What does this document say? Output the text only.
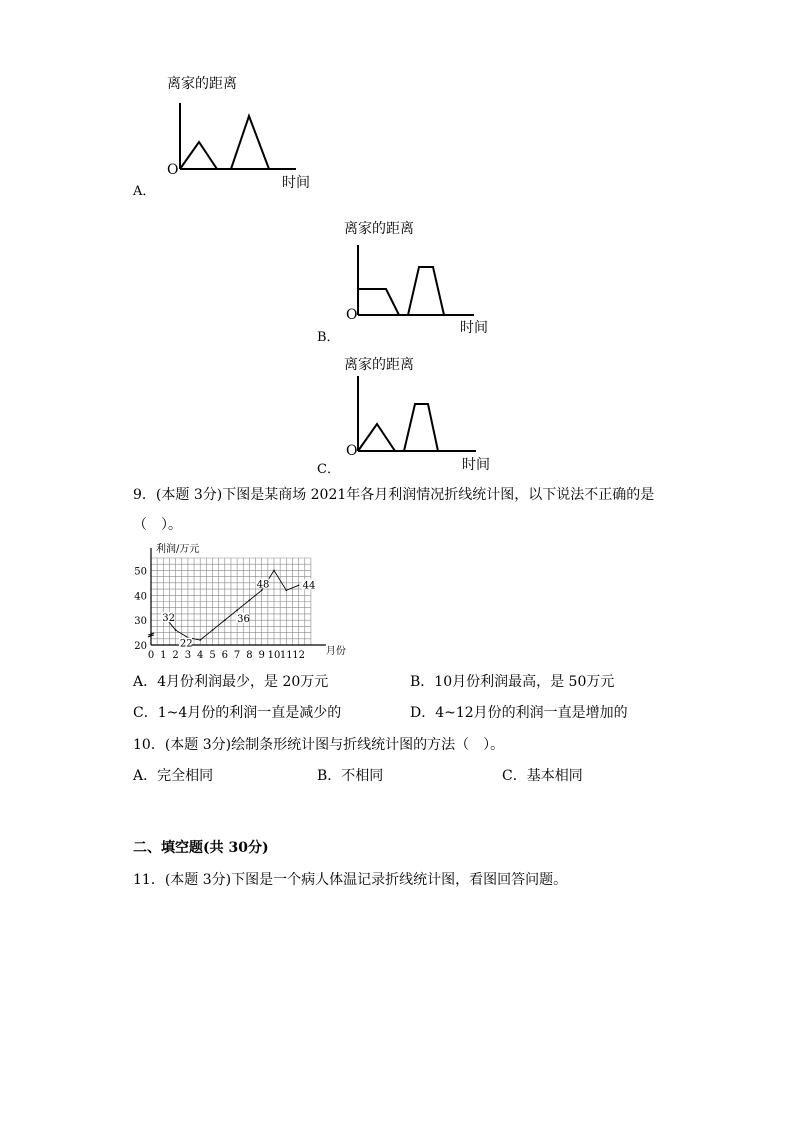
离家的距离
O
时间
A．
离家的距离
O
时间
B．
离家的距离
O
时间
C．
9．(本题 3分)下图是某商场 2021年各月利润情况折线统计图，以下说法不正确的是
（　）。
利润/万元
月份
0 1 2 3 4 5 6 7 8 9 10 11 12
20
30
40
50
32
22
36
48	44
A．4月份利润最少，是 20万元	B．10月份利润最高，是 50万元
C．1~4月份的利润一直是减少的	D．4~12月份的利润一直是增加的
10．(本题 3分)绘制条形统计图与折线统计图的方法（　）。
A．完全相同	B．不相同	C．基本相同
二、填空题(共 30分)
11．(本题 3分)下图是一个病人体温记录折线统计图，看图回答问题。
